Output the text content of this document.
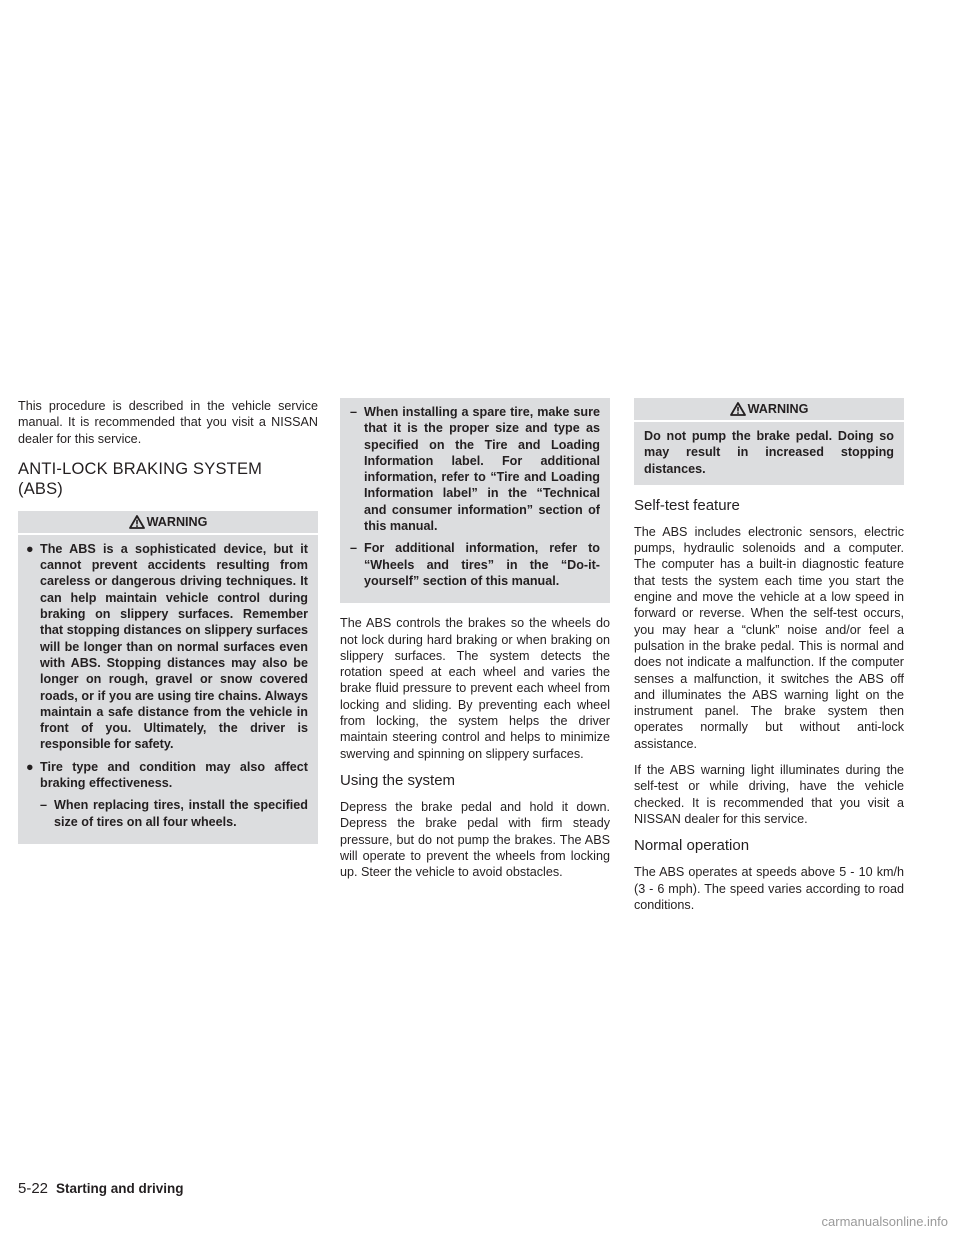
This procedure is described in the vehicle service manual. It is recommended that you visit a NISSAN dealer for this service.

ANTI-LOCK BRAKING SYSTEM
(ABS)
WARNING
● The ABS is a sophisticated device, but it cannot prevent accidents resulting from careless or dangerous driving techniques. It can help maintain vehicle control during braking on slippery surfaces. Remember that stopping distances on slippery surfaces will be longer than on normal surfaces even with ABS. Stopping distances may also be longer on rough, gravel or snow covered roads, or if you are using tire chains. Always maintain a safe distance from the vehicle in front of you. Ultimately, the driver is responsible for safety.
● Tire type and condition may also affect braking effectiveness.
– When replacing tires, install the specified size of tires on all four wheels.
– When installing a spare tire, make sure that it is the proper size and type as specified on the Tire and Loading Information label. For additional information, refer to “Tire and Loading Information label” in the “Technical and consumer information” section of this manual.
– For additional information, refer to “Wheels and tires” in the “Do-it-yourself” section of this manual.

The ABS controls the brakes so the wheels do not lock during hard braking or when braking on slippery surfaces. The system detects the rotation speed at each wheel and varies the brake fluid pressure to prevent each wheel from locking and sliding. By preventing each wheel from locking, the system helps the driver maintain steering control and helps to minimize swerving and spinning on slippery surfaces.

Using the system

Depress the brake pedal and hold it down. Depress the brake pedal with firm steady pressure, but do not pump the brakes. The ABS will operate to prevent the wheels from locking up. Steer the vehicle to avoid obstacles.

WARNING
Do not pump the brake pedal. Doing so may result in increased stopping distances.
Self-test feature

The ABS includes electronic sensors, electric pumps, hydraulic solenoids and a computer. The computer has a built-in diagnostic feature that tests the system each time you start the engine and move the vehicle at a low speed in forward or reverse. When the self-test occurs, you may hear a “clunk” noise and/or feel a pulsation in the brake pedal. This is normal and does not indicate a malfunction. If the computer senses a malfunction, it switches the ABS off and illuminates the ABS warning light on the instrument panel. The brake system then operates normally but without anti-lock assistance.

If the ABS warning light illuminates during the self-test or while driving, have the vehicle checked. It is recommended that you visit a NISSAN dealer for this service.

Normal operation

The ABS operates at speeds above 5 - 10 km/h (3 - 6 mph). The speed varies according to road conditions.

5-22 Starting and driving
carmanualsonline.info
